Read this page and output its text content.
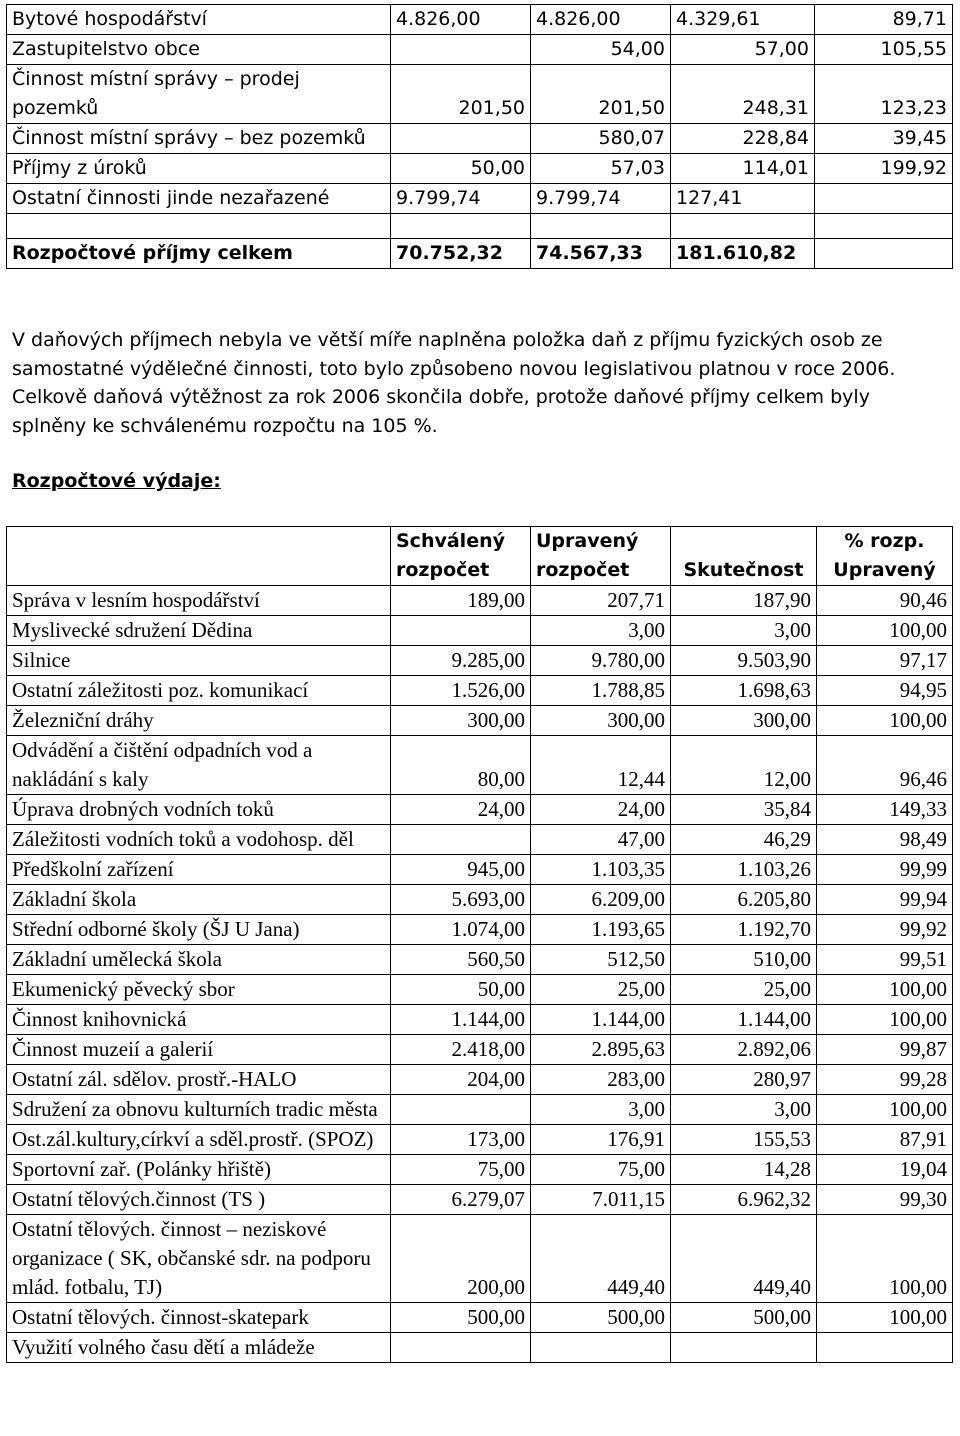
Bytové hospodářství	4.826,00	4.826,00	4.329,61	89,71
Zastupitelstvo obce		54,00	57,00	105,55
Činnost místní správy – prodej pozemků	201,50	201,50	248,31	123,23
Činnost místní správy – bez pozemků		580,07	228,84	39,45
Příjmy z úroků	50,00	57,03	114,01	199,92
Ostatní činnosti jinde nezařazené	9.799,74	9.799,74	127,41	

Rozpočtové příjmy celkem	70.752,32	74.567,33	181.610,82	
V daňových příjmech nebyla ve větší míře naplněna položka daň z příjmu fyzických osob ze samostatné výdělečné činnosti, toto bylo způsobeno novou legislativou platnou v roce 2006. Celkově daňová výtěžnost za rok 2006 skončila dobře, protože daňové příjmy celkem byly splněny ke schválenému rozpočtu na 105 %.
Rozpočtové výdaje:
	Schválený rozpočet	Upravený rozpočet	Skutečnost	% rozp. Upravený
Správa v lesním hospodářství	189,00	207,71	187,90	90,46
Myslivecké sdružení Dědina		3,00	3,00	100,00
Silnice	9.285,00	9.780,00	9.503,90	97,17
Ostatní záležitosti poz. komunikací	1.526,00	1.788,85	1.698,63	94,95
Železniční dráhy	300,00	300,00	300,00	100,00
Odvádění a čištění odpadních vod a nakládání s kaly	80,00	12,44	12,00	96,46
Úprava drobných vodních toků	24,00	24,00	35,84	149,33
Záležitosti vodních toků a vodohosp. děl		47,00	46,29	98,49
Předškolní zařízení	945,00	1.103,35	1.103,26	99,99
Základní škola	5.693,00	6.209,00	6.205,80	99,94
Střední odborné školy (ŠJ U Jana)	1.074,00	1.193,65	1.192,70	99,92
Základní umělecká škola	560,50	512,50	510,00	99,51
Ekumenický pěvecký sbor	50,00	25,00	25,00	100,00
Činnost knihovnická	1.144,00	1.144,00	1.144,00	100,00
Činnost muzeií a galerií	2.418,00	2.895,63	2.892,06	99,87
Ostatní zál. sdělov. prostř.-HALO	204,00	283,00	280,97	99,28
Sdružení za obnovu kulturních tradic města		3,00	3,00	100,00
Ost.zál.kultury,církví a sděl.prostř. (SPOZ)	173,00	176,91	155,53	87,91
Sportovní zař. (Polánky hřiště)	75,00	75,00	14,28	19,04
Ostatní tělových.činnost (TS )	6.279,07	7.011,15	6.962,32	99,30
Ostatní tělových. činnost – neziskové organizace ( SK, občanské sdr. na podporu mlád. fotbalu, TJ)	200,00	449,40	449,40	100,00
Ostatní tělových. činnost-skatepark	500,00	500,00	500,00	100,00
Využití volného času dětí a mládeže				
